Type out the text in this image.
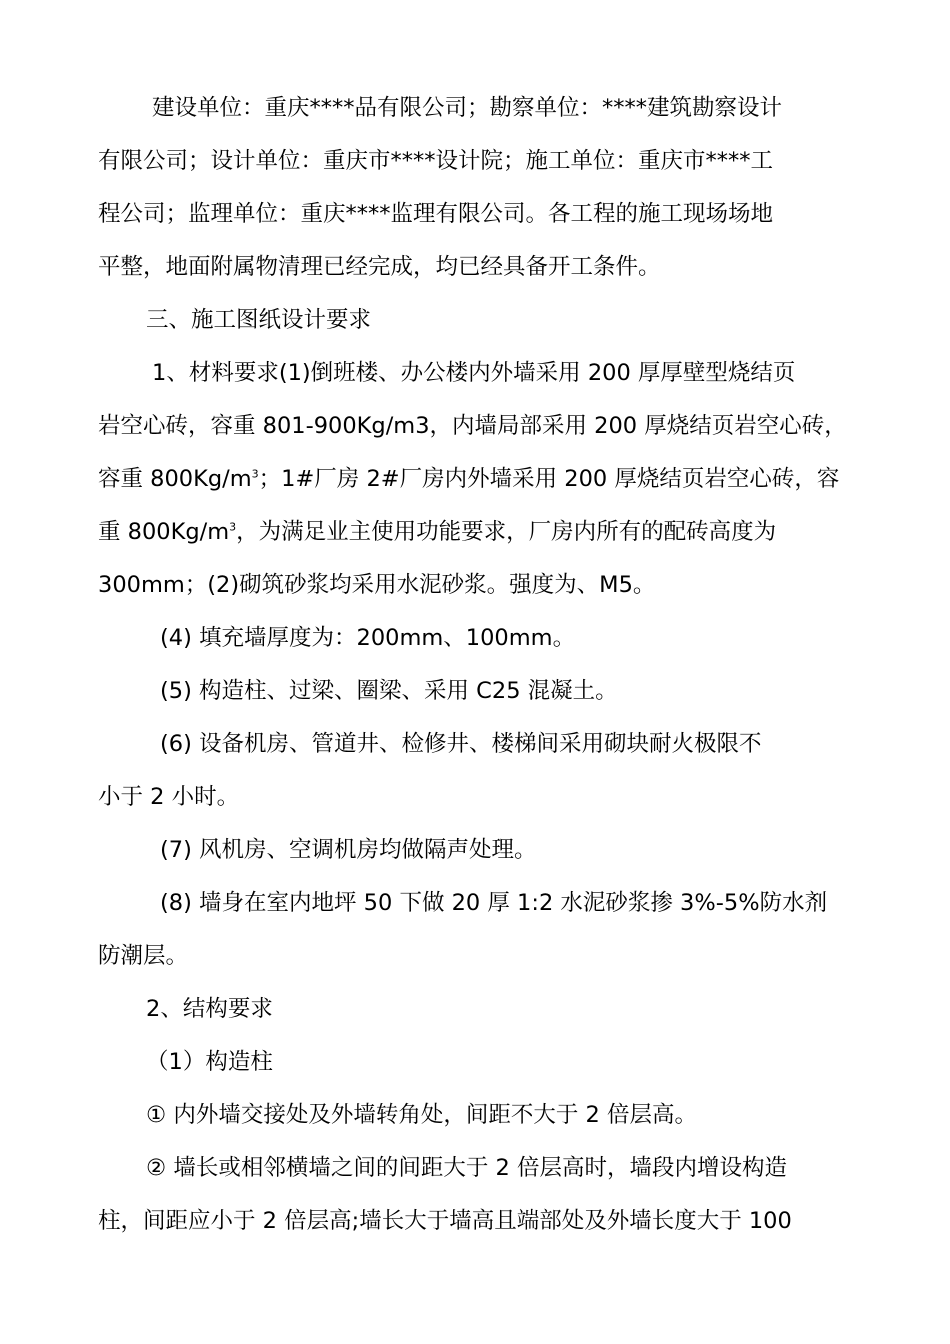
建设单位：重庆****品有限公司；勘察单位：****建筑勘察设计
有限公司；设计单位：重庆市****设计院；施工单位：重庆市****工
程公司；监理单位：重庆****监理有限公司。各工程的施工现场场地
平整，地面附属物清理已经完成，均已经具备开工条件。
三、施工图纸设计要求
1、材料要求(1)倒班楼、办公楼内外墙采用 200 厚厚壁型烧结页
岩空心砖，容重 801-900Kg/m3，内墙局部采用 200 厚烧结页岩空心砖，
容重 $800Kg/m^3$；1#厂房 2#厂房内外墙采用 200 厚烧结页岩空心砖，容
重 $800Kg/m^3$，为满足业主使用功能要求，厂房内所有的配砖高度为
300mm；(2)砌筑砂浆均采用水泥砂浆。强度为、M5。
(4) 填充墙厚度为：200mm、100mm。
(5) 构造柱、过梁、圈梁、采用 C25 混凝土。
(6) 设备机房、管道井、检修井、楼梯间采用砌块耐火极限不
小于 2 小时。
(7) 风机房、空调机房均做隔声处理。
(8) 墙身在室内地坪 50 下做 20 厚 1:2 水泥砂浆掺 3%-5%防水剂
防潮层。
2、结构要求
（1）构造柱
① 内外墙交接处及外墙转角处，间距不大于 2 倍层高。
② 墙长或相邻横墙之间的间距大于 2 倍层高时，墙段内增设构造
柱，间距应小于 2 倍层高;墙长大于墙高且端部处及外墙长度大于 100
